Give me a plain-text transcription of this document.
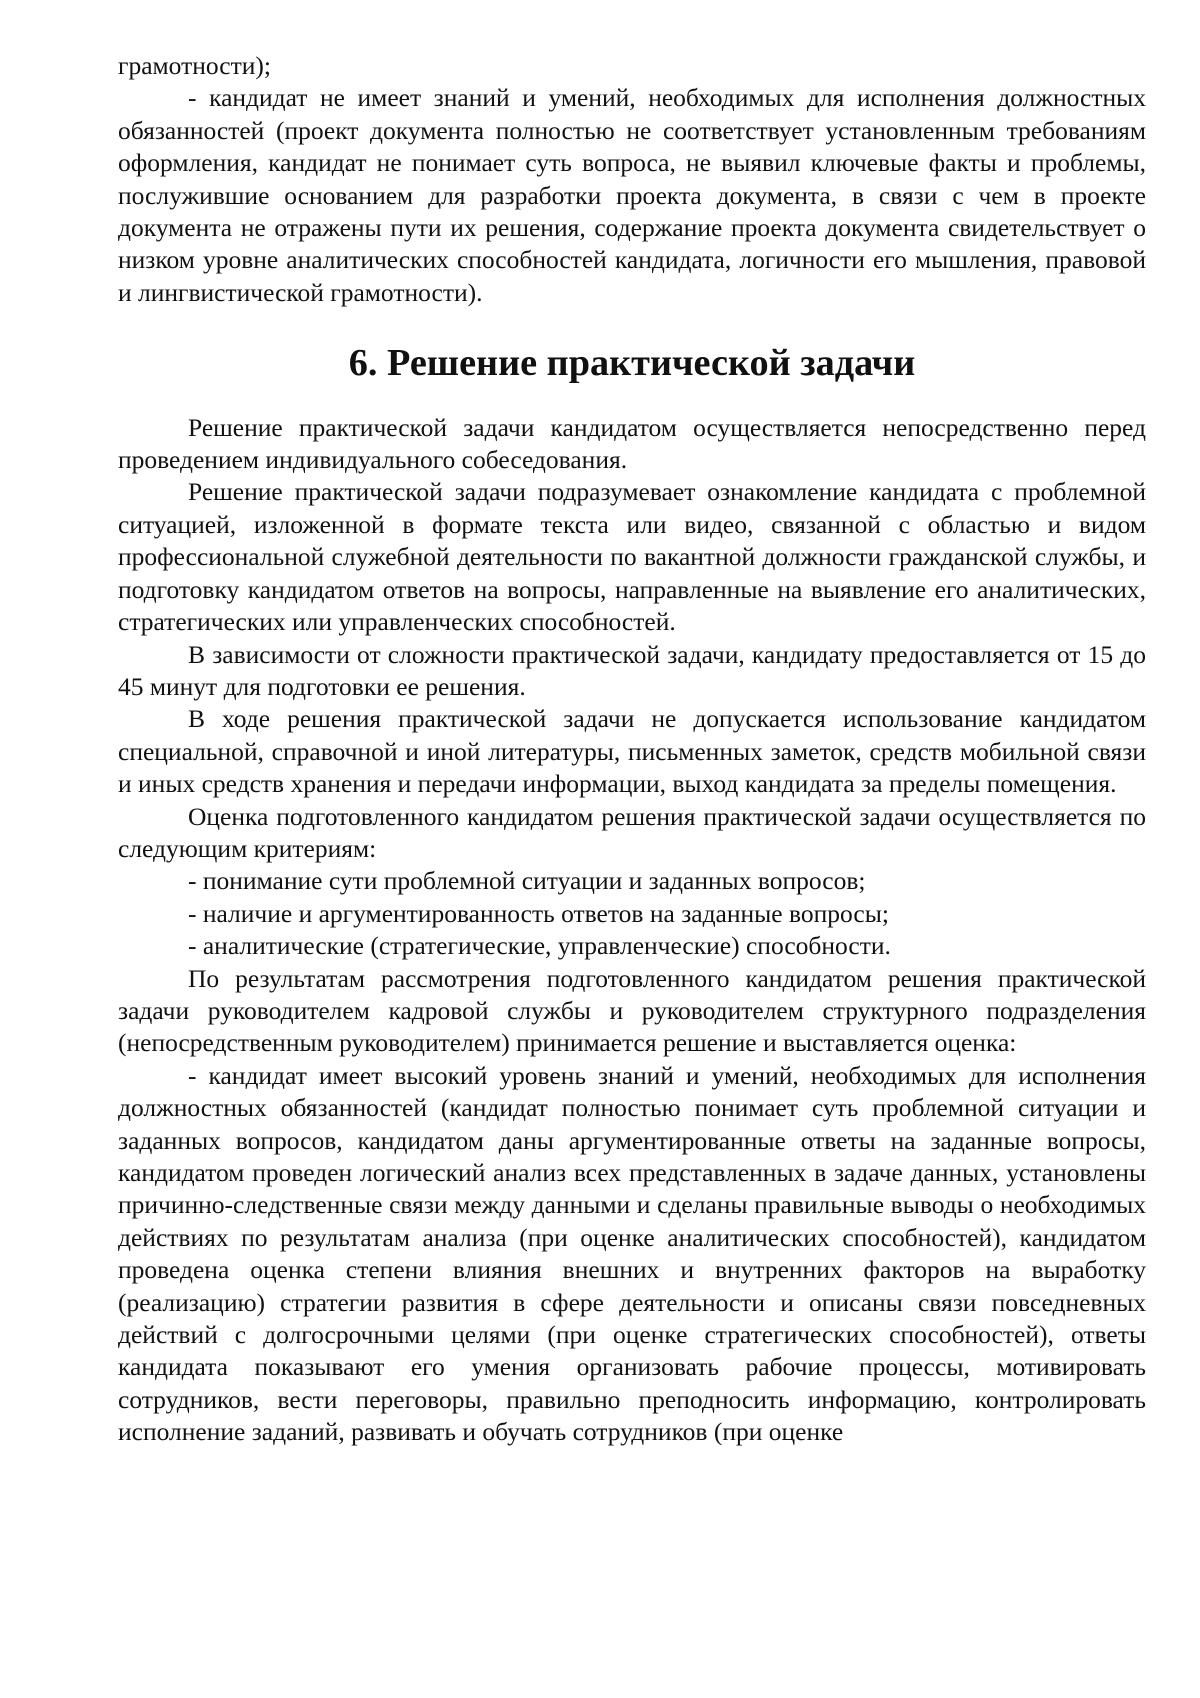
грамотности);

- кандидат не имеет знаний и умений, необходимых для исполнения должностных обязанностей (проект документа полностью не соответствует установленным требованиям оформления, кандидат не понимает суть вопроса, не выявил ключевые факты и проблемы, послужившие основанием для разработки проекта документа, в связи с чем в проекте документа не отражены пути их решения, содержание проекта документа свидетельствует о низком уровне аналитических способностей кандидата, логичности его мышления, правовой и лингвистической грамотности).

6. Решение практической задачи

Решение практической задачи кандидатом осуществляется непосредственно перед проведением индивидуального собеседования.

Решение практической задачи подразумевает ознакомление кандидата с проблемной ситуацией, изложенной в формате текста или видео, связанной с областью и видом профессиональной служебной деятельности по вакантной должности гражданской службы, и подготовку кандидатом ответов на вопросы, направленные на выявление его аналитических, стратегических или управленческих способностей.

В зависимости от сложности практической задачи, кандидату предоставляется от 15 до 45 минут для подготовки ее решения.

В ходе решения практической задачи не допускается использование кандидатом специальной, справочной и иной литературы, письменных заметок, средств мобильной связи и иных средств хранения и передачи информации, выход кандидата за пределы помещения.

Оценка подготовленного кандидатом решения практической задачи осуществляется по следующим критериям:

- понимание сути проблемной ситуации и заданных вопросов;

- наличие и аргументированность ответов на заданные вопросы;

- аналитические (стратегические, управленческие) способности.

По результатам рассмотрения подготовленного кандидатом решения практической задачи руководителем кадровой службы и руководителем структурного подразделения (непосредственным руководителем) принимается решение и выставляется оценка:

- кандидат имеет высокий уровень знаний и умений, необходимых для исполнения должностных обязанностей (кандидат полностью понимает суть проблемной ситуации и заданных вопросов, кандидатом даны аргументированные ответы на заданные вопросы, кандидатом проведен логический анализ всех представленных в задаче данных, установлены причинно-следственные связи между данными и сделаны правильные выводы о необходимых действиях по результатам анализа (при оценке аналитических способностей), кандидатом проведена оценка степени влияния внешних и внутренних факторов на выработку (реализацию) стратегии развития в сфере деятельности и описаны связи повседневных действий с долгосрочными целями (при оценке стратегических способностей), ответы кандидата показывают его умения организовать рабочие процессы, мотивировать сотрудников, вести переговоры, правильно преподносить информацию, контролировать исполнение заданий, развивать и обучать сотрудников (при оценке
